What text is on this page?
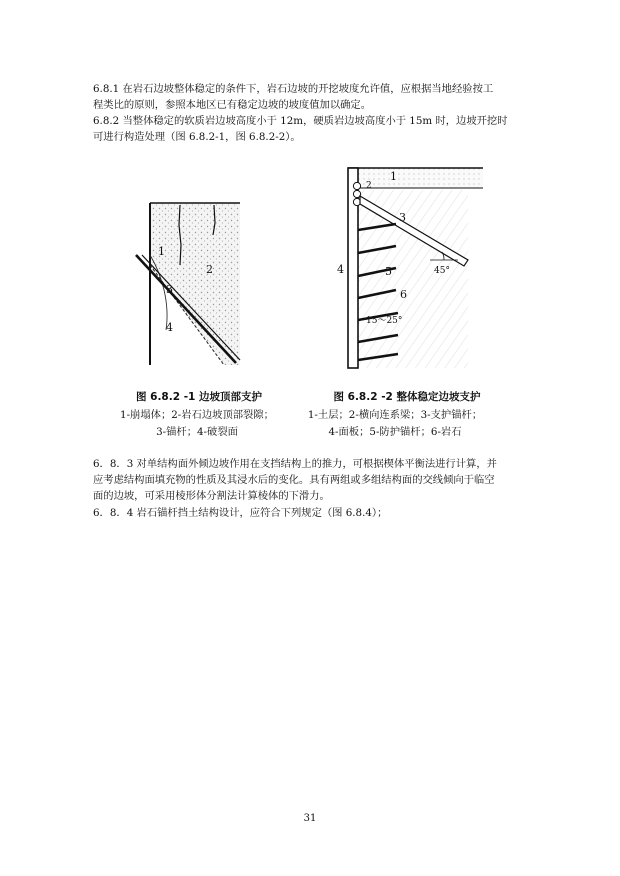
6.8.1 在岩石边坡整体稳定的条件下，岩石边坡的开挖坡度允许值，应根据当地经验按工
程类比的原则，参照本地区已有稳定边坡的坡度值加以确定。
6.8.2 当整体稳定的软质岩边坡高度小于 12m，硬质岩边坡高度小于 15m 时，边坡开挖时
可进行构造处理（图 6.8.2-1，图 6.8.2-2）。
1
2
3
4
45°
1
2
3
4	5
6
15～25°
图 6.8.2 -1 边坡顶部支护
1-崩塌体；2-岩石边坡顶部裂隙；
3-锚杆；4-破裂面
图 6.8.2 -2 整体稳定边坡支护
1-土层；2-横向连系梁；3-支护锚杆；
4-面板；5-防护锚杆；6-岩石
6．8．3 对单结构面外倾边坡作用在支挡结构上的推力，可根据楔体平衡法进行计算，并
应考虑结构面填充物的性质及其浸水后的变化。具有两组或多组结构面的交线倾向于临空
面的边坡，可采用棱形体分割法计算棱体的下滑力。
6．8．4 岩石锚杆挡土结构设计，应符合下列规定（图 6.8.4）；
31
